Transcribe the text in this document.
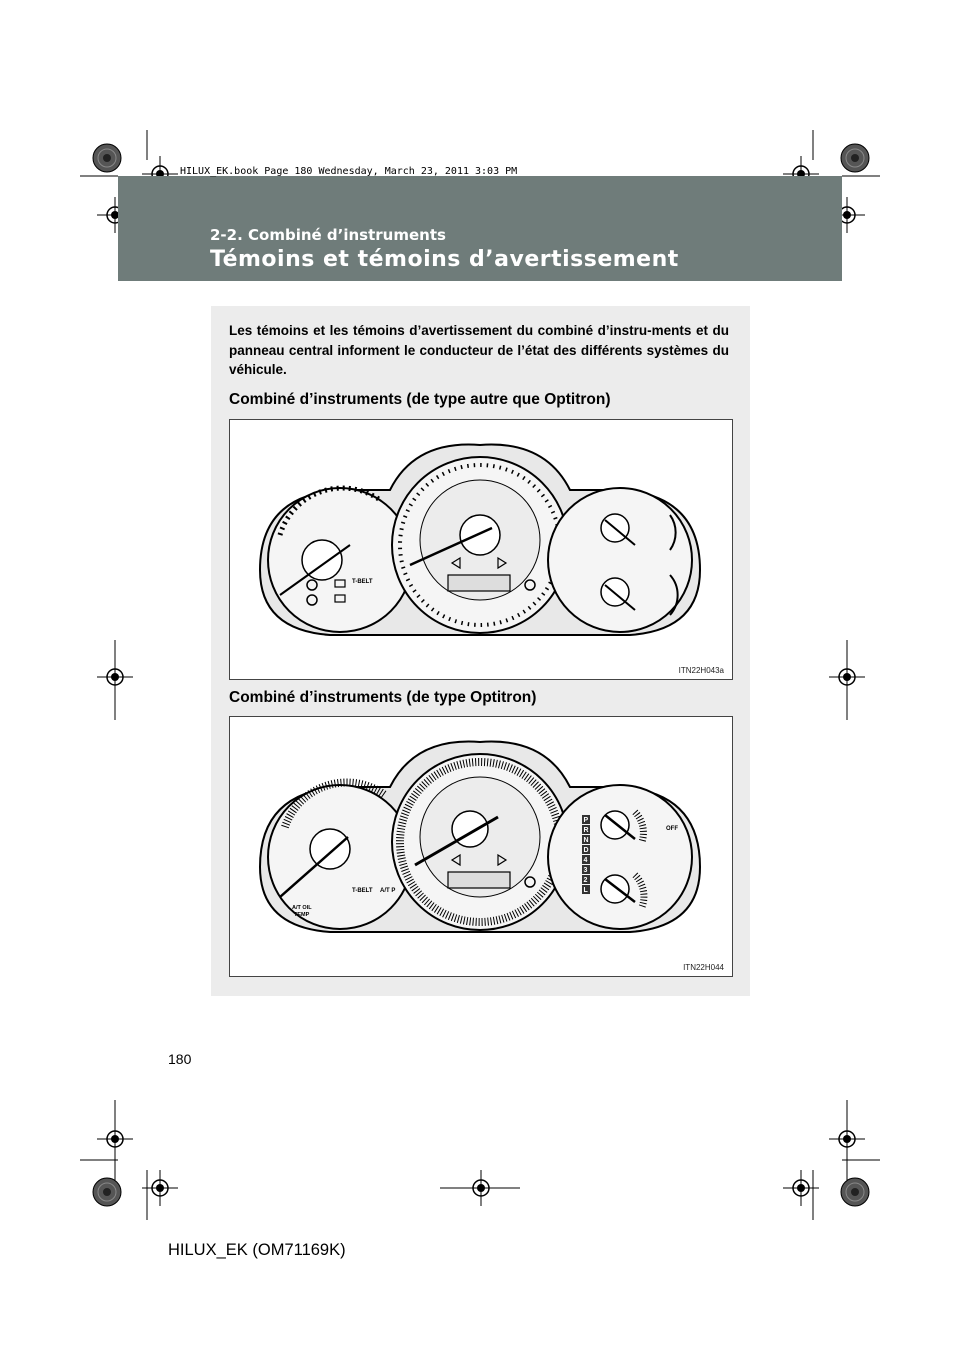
HILUX_EK.book Page 180 Wednesday, March 23, 2011 3:03 PM
2-2. Combiné d’instruments
Témoins et témoins d’avertissement
Les témoins et les témoins d’avertissement du combiné d’instru-ments et du panneau central informent le conducteur de l’état des différents systèmes du véhicule.
Combiné d’instruments (de type autre que Optitron)
T-BELT
ITN22H043a
Combiné d’instruments (de type Optitron)
T-BELT A/T P
A/T OIL
TEMP
OFF
P
R
N
D
4
3
2
L
ITN22H044
180
HILUX_EK (OM71169K)
